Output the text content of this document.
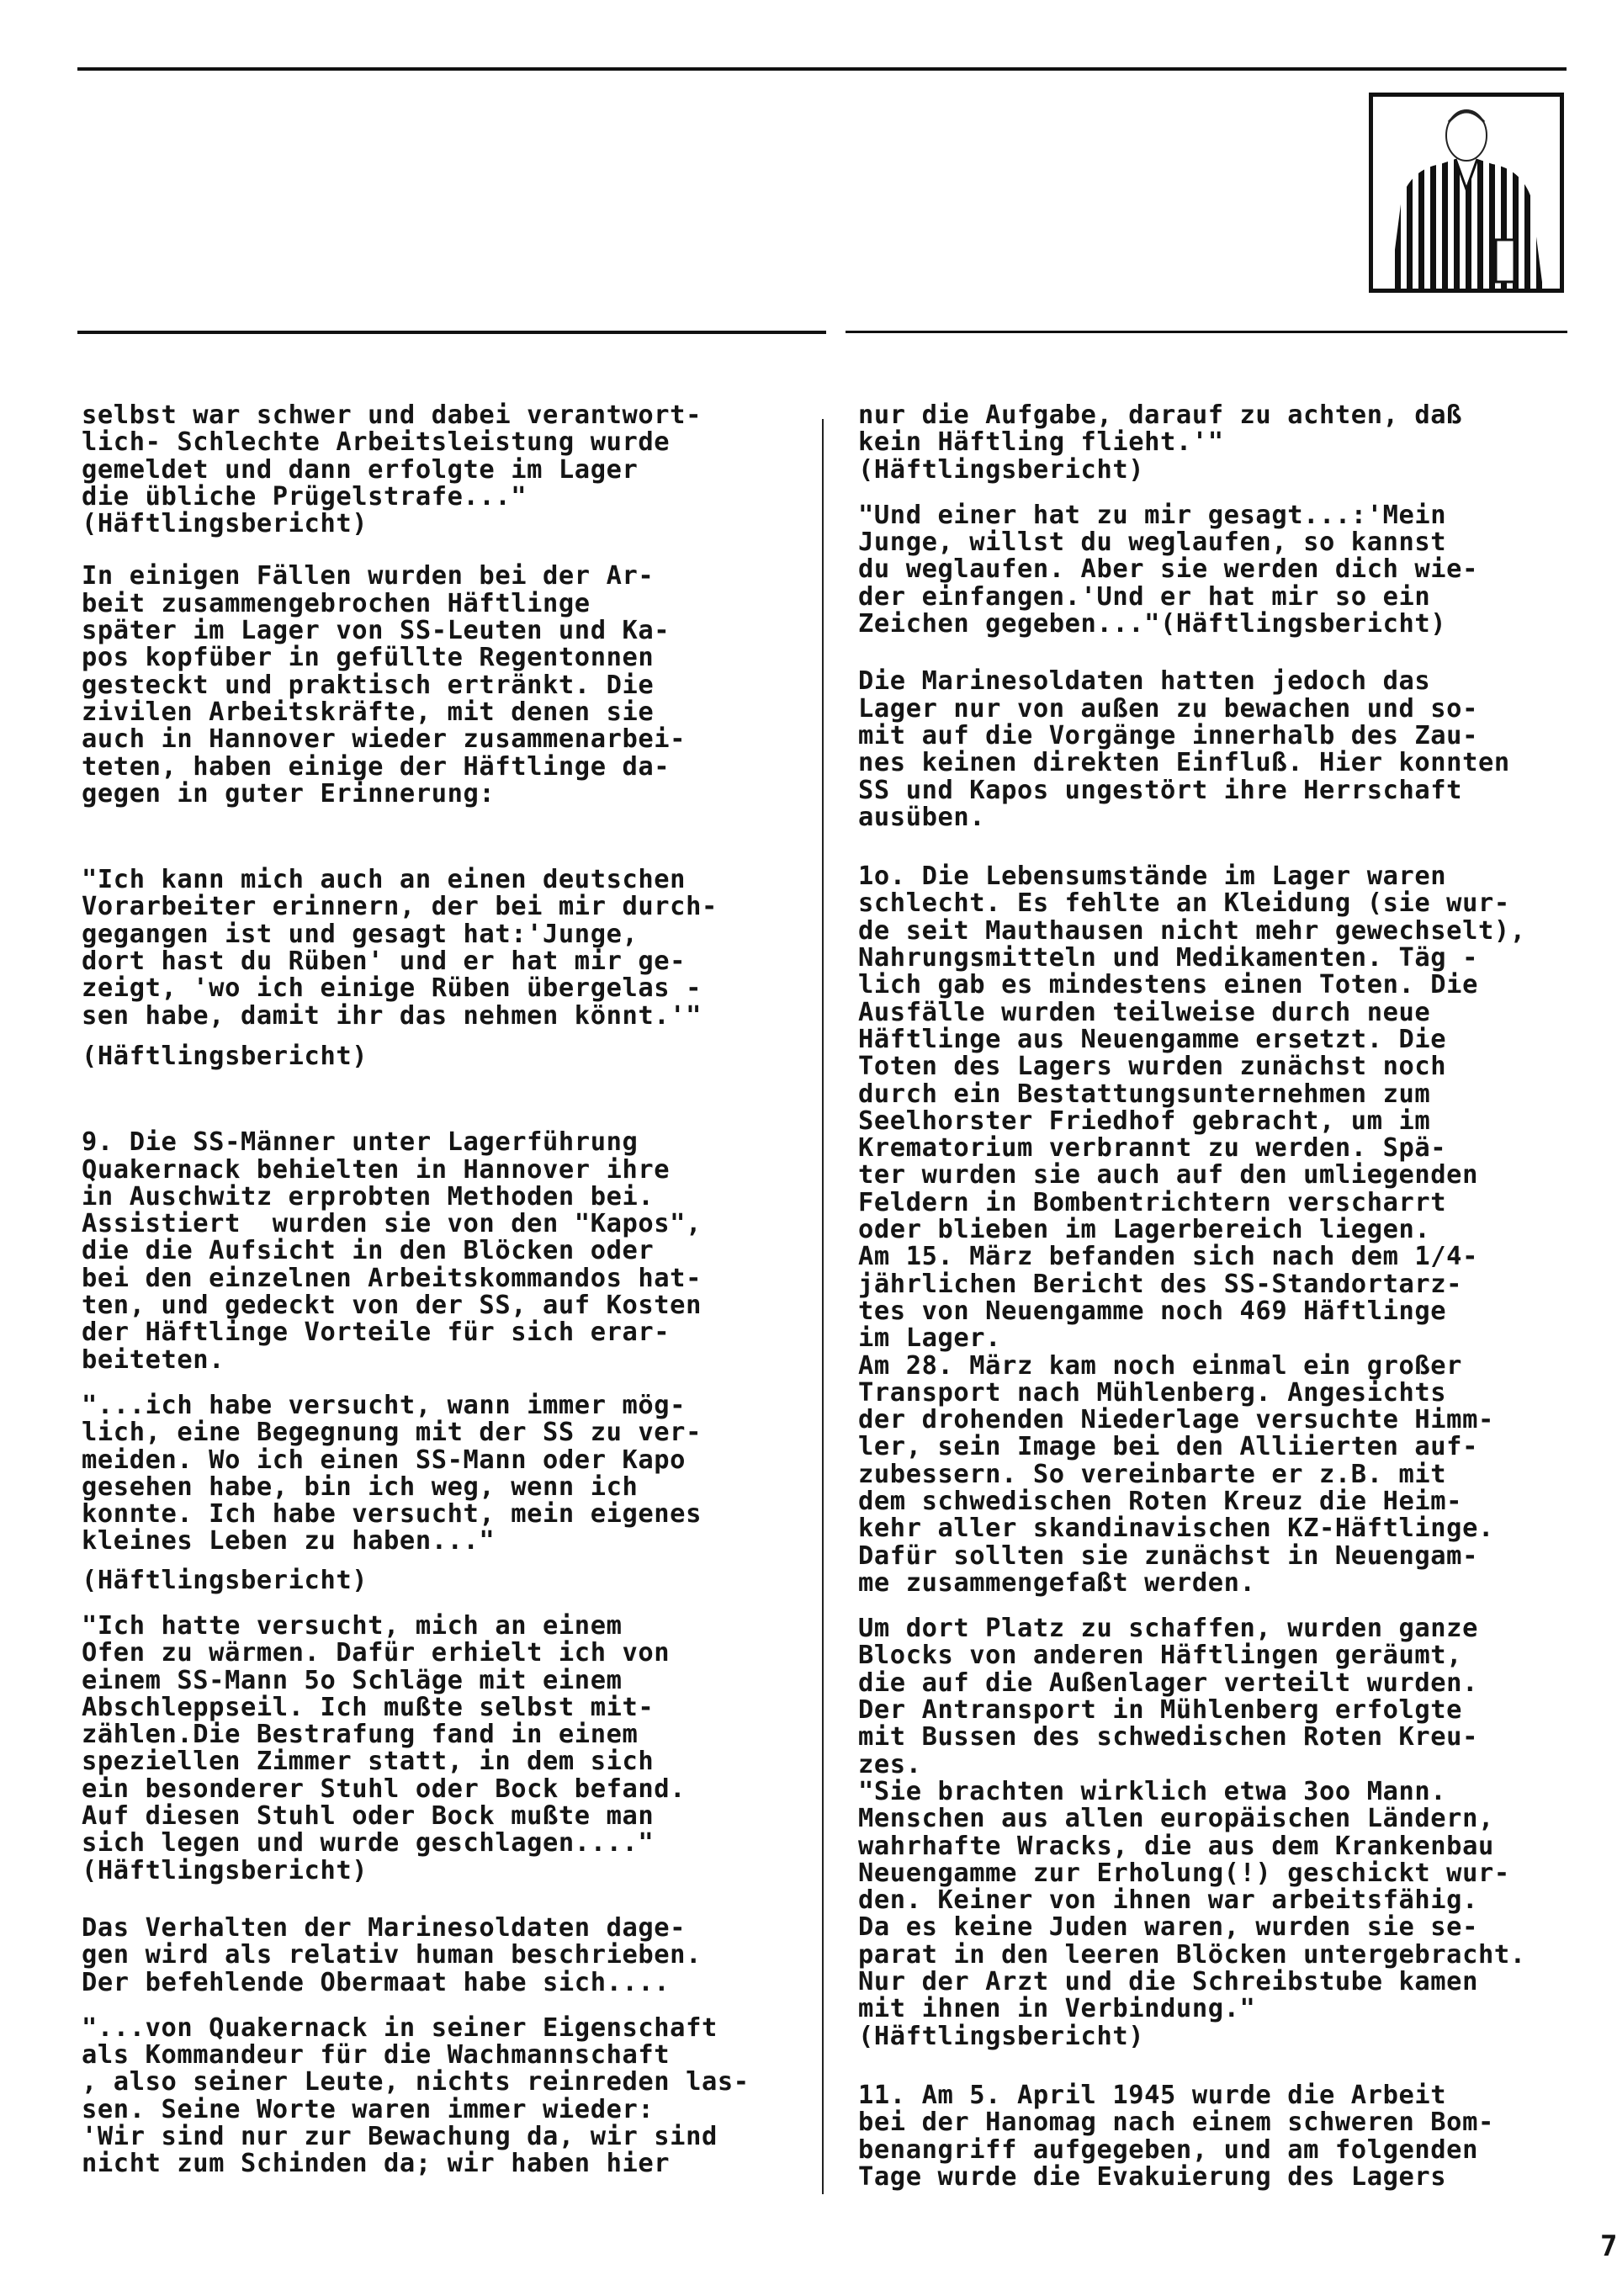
selbst war schwer und dabei verantwort-
lich- Schlechte Arbeitsleistung wurde
gemeldet und dann erfolgte im Lager
die übliche Prügelstrafe..."
(Häftlingsbericht)

In einigen Fällen wurden bei der Ar-
beit zusammengebrochen Häftlinge
später im Lager von SS-Leuten und Ka-
pos kopfüber in gefüllte Regentonnen
gesteckt und praktisch ertränkt. Die
zivilen Arbeitskräfte, mit denen sie
auch in Hannover wieder zusammenarbei-
teten, haben einige der Häftlinge da-
gegen in guter Erinnerung:

"Ich kann mich auch an einen deutschen
Vorarbeiter erinnern, der bei mir durch-
gegangen ist und gesagt hat:'Junge,
dort hast du Rüben' und er hat mir ge-
zeigt, 'wo ich einige Rüben übergelas -
sen habe, damit ihr das nehmen könnt.'"

(Häftlingsbericht)

9. Die SS-Männer unter Lagerführung
Quakernack behielten in Hannover ihre
in Auschwitz erprobten Methoden bei.
Assistiert  wurden sie von den "Kapos",
die die Aufsicht in den Blöcken oder
bei den einzelnen Arbeitskommandos hat-
ten, und gedeckt von der SS, auf Kosten
der Häftlinge Vorteile für sich erar-
beiteten.

"...ich habe versucht, wann immer mög-
lich, eine Begegnung mit der SS zu ver-
meiden. Wo ich einen SS-Mann oder Kapo
gesehen habe, bin ich weg, wenn ich
konnte. Ich habe versucht, mein eigenes
kleines Leben zu haben..."

(Häftlingsbericht)

"Ich hatte versucht, mich an einem
Ofen zu wärmen. Dafür erhielt ich von
einem SS-Mann 5o Schläge mit einem
Abschleppseil. Ich mußte selbst mit-
zählen.Die Bestrafung fand in einem
speziellen Zimmer statt, in dem sich
ein besonderer Stuhl oder Bock befand.
Auf diesen Stuhl oder Bock mußte man
sich legen und wurde geschlagen...."
(Häftlingsbericht)

Das Verhalten der Marinesoldaten dage-
gen wird als relativ human beschrieben.
Der befehlende Obermaat habe sich....

"...von Quakernack in seiner Eigenschaft
als Kommandeur für die Wachmannschaft
, also seiner Leute, nichts reinreden las-
sen. Seine Worte waren immer wieder:
'Wir sind nur zur Bewachung da, wir sind
nicht zum Schinden da; wir haben hier

nur die Aufgabe, darauf zu achten, daß
kein Häftling flieht.'"
(Häftlingsbericht)

"Und einer hat zu mir gesagt...:'Mein
Junge, willst du weglaufen, so kannst
du weglaufen. Aber sie werden dich wie-
der einfangen.'Und er hat mir so ein
Zeichen gegeben..."(Häftlingsbericht)

Die Marinesoldaten hatten jedoch das
Lager nur von außen zu bewachen und so-
mit auf die Vorgänge innerhalb des Zau-
nes keinen direkten Einfluß. Hier konnten
SS und Kapos ungestört ihre Herrschaft
ausüben.

1o. Die Lebensumstände im Lager waren
schlecht. Es fehlte an Kleidung (sie wur-
de seit Mauthausen nicht mehr gewechselt),
Nahrungsmitteln und Medikamenten. Täg -
lich gab es mindestens einen Toten. Die
Ausfälle wurden teilweise durch neue
Häftlinge aus Neuengamme ersetzt. Die
Toten des Lagers wurden zunächst noch
durch ein Bestattungsunternehmen zum
Seelhorster Friedhof gebracht, um im
Krematorium verbrannt zu werden. Spä-
ter wurden sie auch auf den umliegenden
Feldern in Bombentrichtern verscharrt
oder blieben im Lagerbereich liegen.
Am 15. März befanden sich nach dem 1/4-
jährlichen Bericht des SS-Standortarz-
tes von Neuengamme noch 469 Häftlinge
im Lager.
Am 28. März kam noch einmal ein großer
Transport nach Mühlenberg. Angesichts
der drohenden Niederlage versuchte Himm-
ler, sein Image bei den Alliierten auf-
zubessern. So vereinbarte er z.B. mit
dem schwedischen Roten Kreuz die Heim-
kehr aller skandinavischen KZ-Häftlinge.
Dafür sollten sie zunächst in Neuengam-
me zusammengefaßt werden.

Um dort Platz zu schaffen, wurden ganze
Blocks von anderen Häftlingen geräumt,
die auf die Außenlager verteilt wurden.
Der Antransport in Mühlenberg erfolgte
mit Bussen des schwedischen Roten Kreu-
zes.
"Sie brachten wirklich etwa 3oo Mann.
Menschen aus allen europäischen Ländern,
wahrhafte Wracks, die aus dem Krankenbau
Neuengamme zur Erholung(!) geschickt wur-
den. Keiner von ihnen war arbeitsfähig.
Da es keine Juden waren, wurden sie se-
parat in den leeren Blöcken untergebracht.
Nur der Arzt und die Schreibstube kamen
mit ihnen in Verbindung."
(Häftlingsbericht)

11. Am 5. April 1945 wurde die Arbeit
bei der Hanomag nach einem schweren Bom-
benangriff aufgegeben, und am folgenden
Tage wurde die Evakuierung des Lagers

7
